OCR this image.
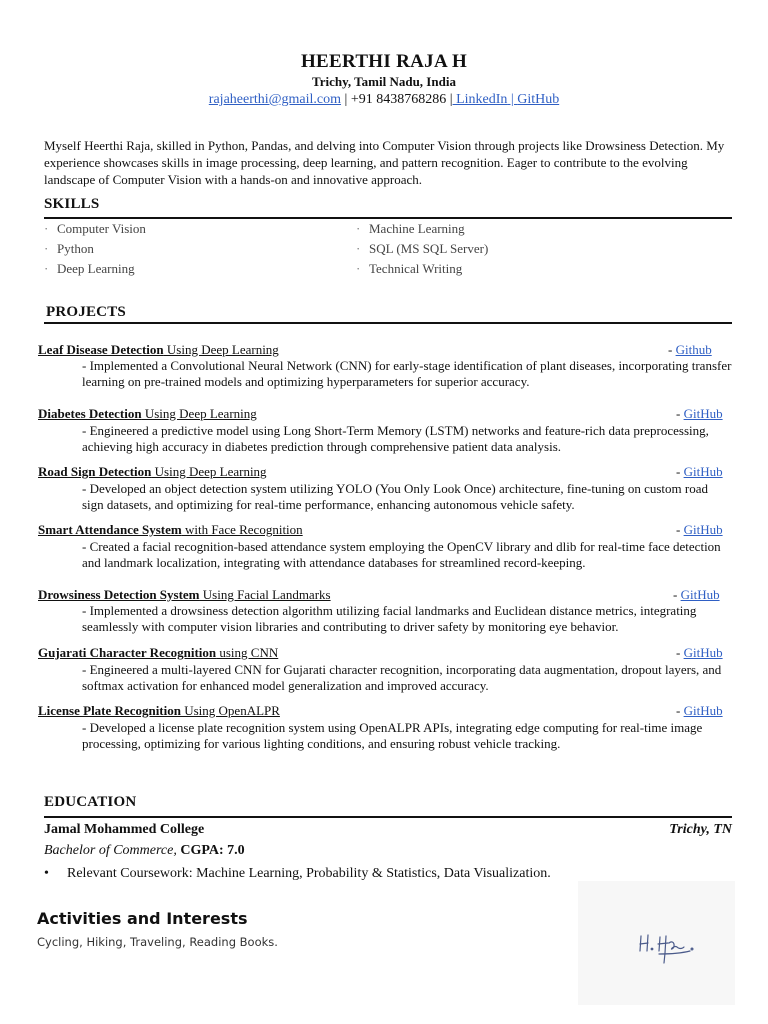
HEERTHI RAJA H
Trichy, Tamil Nadu, India
rajaheerthi@gmail.com | +91 8438768286 | LinkedIn | GitHub
Myself Heerthi Raja, skilled in Python, Pandas, and delving into Computer Vision through projects like Drowsiness Detection. My experience showcases skills in image processing, deep learning, and pattern recognition. Eager to contribute to the evolving landscape of Computer Vision with a hands-on and innovative approach.
SKILLS
· Computer Vision
· Python
· Deep Learning
· Machine Learning
· SQL (MS SQL Server)
· Technical Writing
PROJECTS
Leaf Disease Detection Using Deep Learning	- Github
- Implemented a Convolutional Neural Network (CNN) for early-stage identification of plant diseases, incorporating transfer learning on pre-trained models and optimizing hyperparameters for superior accuracy.
Diabetes Detection Using Deep Learning	- GitHub
- Engineered a predictive model using Long Short-Term Memory (LSTM) networks and feature-rich data preprocessing, achieving high accuracy in diabetes prediction through comprehensive patient data analysis.
Road Sign Detection Using Deep Learning	- GitHub
- Developed an object detection system utilizing YOLO (You Only Look Once) architecture, fine-tuning on custom road sign datasets, and optimizing for real-time performance, enhancing autonomous vehicle safety.
Smart Attendance System with Face Recognition	- GitHub
- Created a facial recognition-based attendance system employing the OpenCV library and dlib for real-time face detection and landmark localization, integrating with attendance databases for streamlined record-keeping.
Drowsiness Detection System Using Facial Landmarks	- GitHub
- Implemented a drowsiness detection algorithm utilizing facial landmarks and Euclidean distance metrics, integrating seamlessly with computer vision libraries and contributing to driver safety by monitoring eye behavior.
Gujarati Character Recognition using CNN	- GitHub
- Engineered a multi-layered CNN for Gujarati character recognition, incorporating data augmentation, dropout layers, and softmax activation for enhanced model generalization and improved accuracy.
License Plate Recognition Using OpenALPR	- GitHub
- Developed a license plate recognition system using OpenALPR APIs, integrating edge computing for real-time image processing, optimizing for various lighting conditions, and ensuring robust vehicle tracking.
EDUCATION
Jamal Mohammed College	Trichy, TN
Bachelor of Commerce, CGPA: 7.0
• Relevant Coursework: Machine Learning, Probability & Statistics, Data Visualization.
Activities and Interests
Cycling, Hiking, Traveling, Reading Books.
